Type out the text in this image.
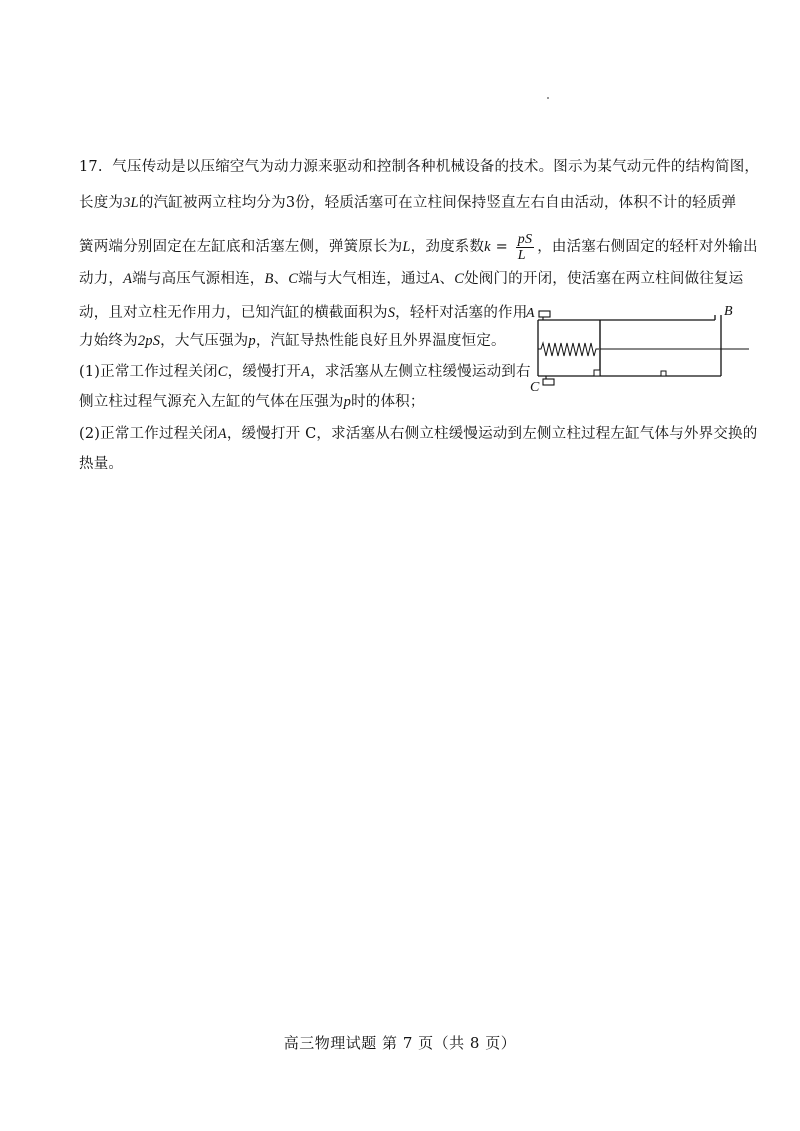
17. 气压传动是以压缩空气为动力源来驱动和控制各种机械设备的技术。图示为某气动元件的结构简图，
长度为3L的汽缸被两立柱均分为3份，轻质活塞可在立柱间保持竖直左右自由活动，体积不计的轻质弹
簧两端分别固定在左缸底和活塞左侧，弹簧原长为L，劲度系数$k = \frac{pS}{L}$ ，由活塞右侧固定的轻杆对外输出
动力，A端与高压气源相连，B、C端与大气相连，通过A、C处阀门的开闭，使活塞在两立柱间做往复运
动，且对立柱无作用力，已知汽缸的横截面积为S，轻杆对活塞的作用
力始终为2pS，大气压强为p，汽缸导热性能良好且外界温度恒定。
(1)正常工作过程关闭C，缓慢打开A，求活塞从左侧立柱缓慢运动到右
侧立柱过程气源充入左缸的气体在压强为p时的体积；
(2)正常工作过程关闭A，缓慢打开 C，求活塞从右侧立柱缓慢运动到左侧立柱过程左缸气体与外界交换的
热量。
A	B
C
高三物理试题 第 7 页（共 8 页）
